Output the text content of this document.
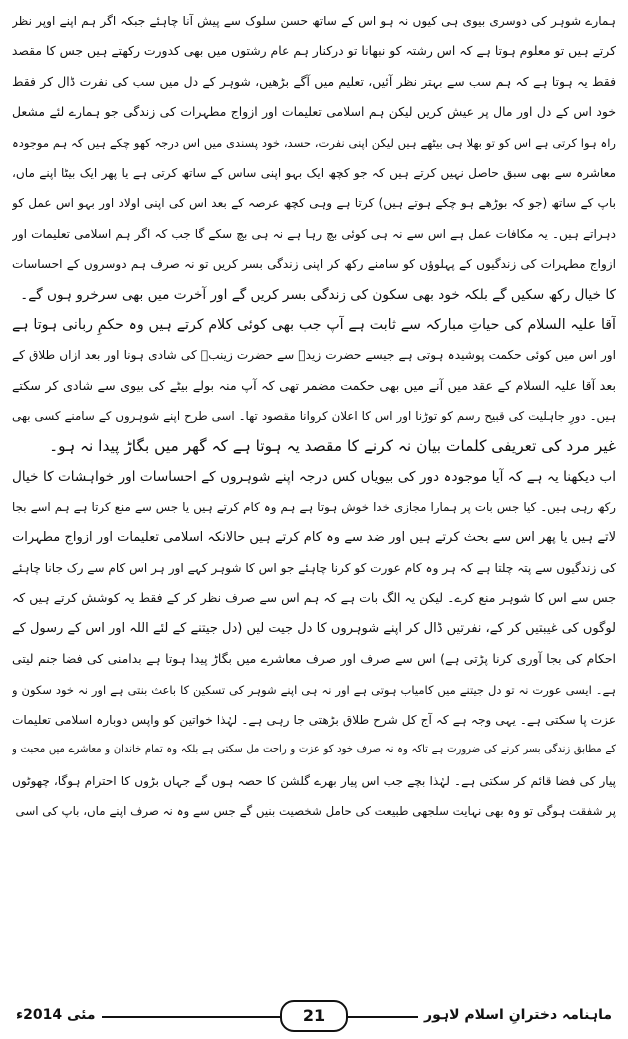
ہمارے شوہر کی دوسری بیوی ہی کیوں نہ ہو اس کے ساتھ حسن سلوک سے پیش آنا چاہئے جبکہ اگر ہم اپنے اوپر نظر
کرتے ہیں تو معلوم ہوتا ہے کہ اس رشتہ کو نبھانا تو درکنار ہم عام رشتوں میں بھی کدورت رکھتے ہیں جس کا مقصد
فقط یہ ہوتا ہے کہ ہم سب سے بہتر نظر آئیں، تعلیم میں آگے بڑھیں، شوہر کے دل میں سب کی نفرت ڈال کر فقط
خود اس کے دل اور مال پر عیش کریں لیکن ہم اسلامی تعلیمات اور ازواج مطہرات کی زندگی جو ہمارے لئے مشعل
راہ ہوا کرتی ہے اس کو تو بھلا ہی بیٹھے ہیں لیکن اپنی نفرت، حسد، خود پسندی میں اس درجہ کھو چکے ہیں کہ ہم موجودہ
معاشرہ سے بھی سبق حاصل نہیں کرتے ہیں کہ جو کچھ ایک بہو اپنی ساس کے ساتھ کرتی ہے یا پھر ایک بیٹا اپنے ماں،
باپ کے ساتھ (جو کہ بوڑھے ہو چکے ہوتے ہیں) کرتا ہے وہی کچھ عرصہ کے بعد اس کی اپنی اولاد اور بہو اس عمل کو
دہراتے ہیں۔ یہ مکافات عمل ہے اس سے نہ ہی کوئی بچ رہا ہے نہ ہی بچ سکے گا جب کہ اگر ہم اسلامی تعلیمات اور
ازواج مطہرات کی زندگیوں کے پہلوؤں کو سامنے رکھ کر اپنی زندگی بسر کریں تو نہ صرف ہم دوسروں کے احساسات
کا خیال رکھ سکیں گے بلکہ خود بھی سکون کی زندگی بسر کریں گے اور آخرت میں بھی سرخرو ہوں گے۔
آقا علیہ السلام کی حیاتِ مبارکہ سے ثابت ہے آپ جب بھی کوئی کلام کرتے ہیں وہ حکمِ ربانی ہوتا ہے
اور اس میں کوئی حکمت پوشیدہ ہوتی ہے جیسے حضرت زیدؓ سے حضرت زینبؓ کی شادی ہونا اور بعد ازاں طلاق کے
بعد آقا علیہ السلام کے عقد میں آنے میں بھی حکمت مضمر تھی کہ آپ منہ بولے بیٹے کی بیوی سے شادی کر سکتے
ہیں۔ دورِ جاہلیت کی قبیح رسم کو توڑنا اور اس کا اعلان کروانا مقصود تھا۔ اسی طرح اپنے شوہروں کے سامنے کسی بھی
غیر مرد کی تعریفی کلمات بیان نہ کرنے کا مقصد یہ ہوتا ہے کہ گھر میں بگاڑ پیدا نہ ہو۔
اب دیکھنا یہ ہے کہ آیا موجودہ دور کی بیویاں کس درجہ اپنے شوہروں کے احساسات اور خواہشات کا خیال
رکھ رہی ہیں۔ کیا جس بات پر ہمارا مجازی خدا خوش ہوتا ہے ہم وہ کام کرتے ہیں یا جس سے منع کرتا ہے ہم اسے بجا
لاتے ہیں یا پھر اس سے بحث کرتے ہیں اور ضد سے وہ کام کرتے ہیں حالانکہ اسلامی تعلیمات اور ازواج مطہرات
کی زندگیوں سے پتہ چلتا ہے کہ ہر وہ کام عورت کو کرنا چاہئے جو اس کا شوہر کہے اور ہر اس کام سے رک جانا چاہئے
جس سے اس کا شوہر منع کرے۔ لیکن یہ الگ بات ہے کہ ہم اس سے صرف نظر کر کے فقط یہ کوشش کرتے ہیں کہ
لوگوں کی غیبتیں کر کے، نفرتیں ڈال کر اپنے شوہروں کا دل جیت لیں (دل جیتنے کے لئے اللہ اور اس کے رسول کے
احکام کی بجا آوری کرنا پڑتی ہے) اس سے صرف اور صرف معاشرے میں بگاڑ پیدا ہوتا ہے بدامنی کی فضا جنم لیتی
ہے۔ ایسی عورت نہ تو دل جیتنے میں کامیاب ہوتی ہے اور نہ ہی اپنے شوہر کی تسکین کا باعث بنتی ہے اور نہ خود سکون و
عزت پا سکتی ہے۔ یہی وجہ ہے کہ آج کل شرح طلاق بڑھتی جا رہی ہے۔ لہٰذا خواتین کو واپس دوبارہ اسلامی تعلیمات
کے مطابق زندگی بسر کرنے کی ضرورت ہے تاکہ وہ نہ صرف خود کو عزت و راحت مل سکتی ہے بلکہ وہ تمام خاندان و معاشرے میں محبت و
پیار کی فضا قائم کر سکتی ہے۔ لہٰذا بچے جب اس پیار بھرے گلشن کا حصہ ہوں گے جہاں بڑوں کا احترام ہوگا، چھوٹوں
پر شفقت ہوگی تو وہ بھی نہایت سلجھی طبیعت کی حامل شخصیت بنیں گے جس سے وہ نہ صرف اپنے ماں، باپ کی اسی
ماہنامہ دخترانِ اسلام لاہور
21
مئی 2014ء
